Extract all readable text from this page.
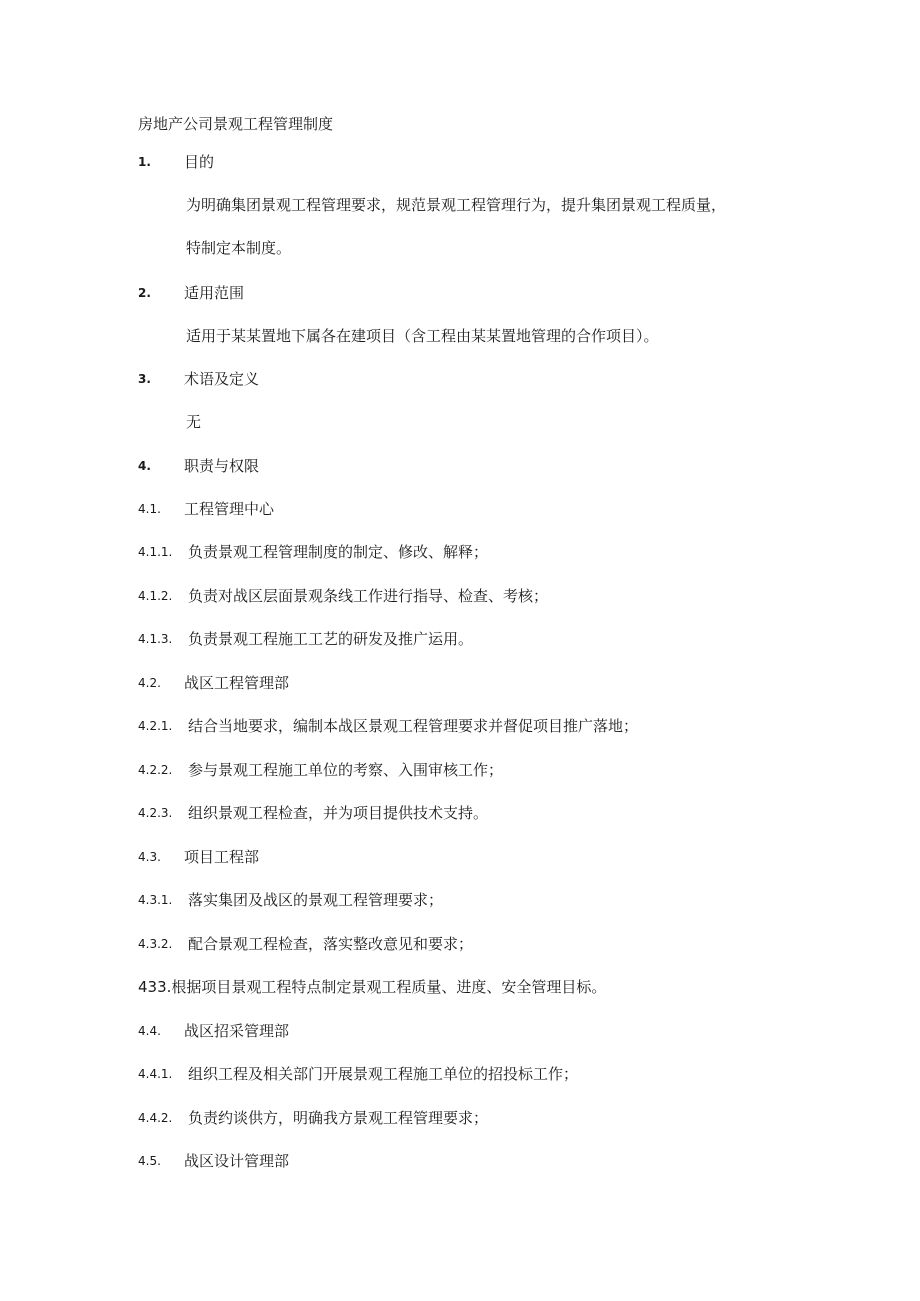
房地产公司景观工程管理制度
1. 目的
为明确集团景观工程管理要求，规范景观工程管理行为，提升集团景观工程质量，
特制定本制度。
2. 适用范围
适用于某某置地下属各在建项目（含工程由某某置地管理的合作项目）。
3. 术语及定义
无
4. 职责与权限
4.1. 工程管理中心
4.1.1. 负责景观工程管理制度的制定、修改、解释；
4.1.2. 负责对战区层面景观条线工作进行指导、检查、考核；
4.1.3. 负责景观工程施工工艺的研发及推广运用。
4.2. 战区工程管理部
4.2.1. 结合当地要求，编制本战区景观工程管理要求并督促项目推广落地；
4.2.2. 参与景观工程施工单位的考察、入围审核工作；
4.2.3. 组织景观工程检查，并为项目提供技术支持。
4.3. 项目工程部
4.3.1. 落实集团及战区的景观工程管理要求；
4.3.2. 配合景观工程检查，落实整改意见和要求；
433.根据项目景观工程特点制定景观工程质量、进度、安全管理目标。
4.4. 战区招采管理部
4.4.1. 组织工程及相关部门开展景观工程施工单位的招投标工作；
4.4.2. 负责约谈供方，明确我方景观工程管理要求；
4.5. 战区设计管理部
